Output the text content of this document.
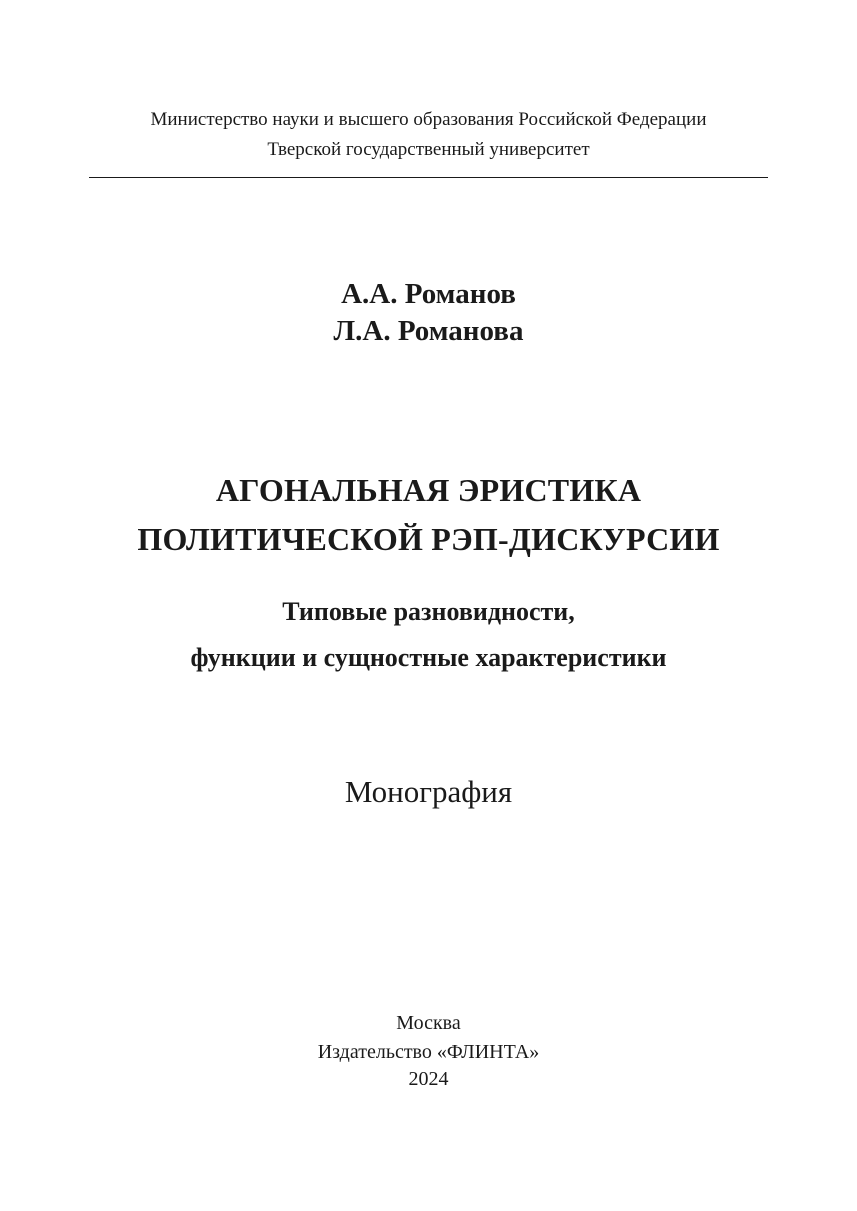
Министерство науки и высшего образования Российской Федерации
Тверской государственный университет
А.А. Романов
Л.А. Романова
АГОНАЛЬНАЯ ЭРИСТИКА
ПОЛИТИЧЕСКОЙ РЭП-ДИСКУРСИИ
Типовые разновидности,
функции и сущностные характеристики
Монография
Москва
Издательство «ФЛИНТА»
2024
